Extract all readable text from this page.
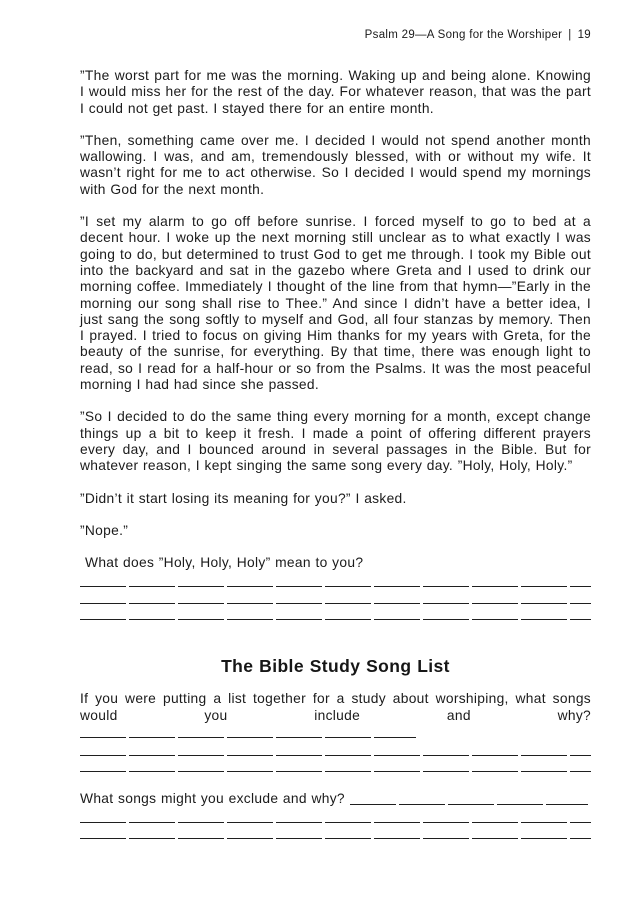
Psalm 29—A Song for the Worshiper | 19

”The worst part for me was the morning. Waking up and being alone. Knowing I would miss her for the rest of the day. For whatever reason, that was the part I could not get past. I stayed there for an entire month.

”Then, something came over me. I decided I would not spend another month wallowing. I was, and am, tremendously blessed, with or without my wife. It wasn’t right for me to act otherwise. So I decided I would spend my mornings with God for the next month.

”I set my alarm to go off before sunrise. I forced myself to go to bed at a decent hour. I woke up the next morning still unclear as to what exactly I was going to do, but determined to trust God to get me through. I took my Bible out into the backyard and sat in the gazebo where Greta and I used to drink our morning coffee. Immediately I thought of the line from that hymn—”Early in the morning our song shall rise to Thee.” And since I didn’t have a better idea, I just sang the song softly to myself and God, all four stanzas by memory. Then I prayed. I tried to focus on giving Him thanks for my years with Greta, for the beauty of the sunrise, for everything. By that time, there was enough light to read, so I read for a half-hour or so from the Psalms. It was the most peaceful morning I had had since she passed.

”So I decided to do the same thing every morning for a month, except change things up a bit to keep it fresh. I made a point of offering different prayers every day, and I bounced around in several passages in the Bible. But for whatever reason, I kept singing the same song every day. ”Holy, Holy, Holy.”

”Didn’t it start losing its meaning for you?” I asked.

”Nope.”

What does ”Holy, Holy, Holy” mean to you?

The Bible Study Song List
If you were putting a list together for a study about worshiping, what songs would you include and why?
What songs might you exclude and why?
